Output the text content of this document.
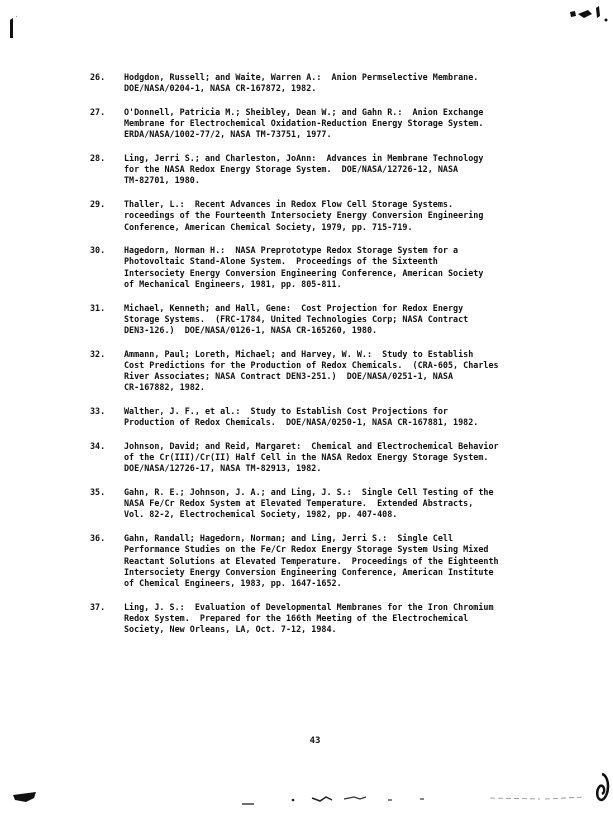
26. Hodgdon, Russell; and Waite, Warren A.:  Anion Permselective Membrane.
DOE/NASA/0204-1, NASA CR-167872, 1982.
27. O'Donnell, Patricia M.; Sheibley, Dean W.; and Gahn R.:  Anion Exchange
Membrane for Electrochemical Oxidation-Reduction Energy Storage System.
ERDA/NASA/1002-77/2, NASA TM-73751, 1977.
28. Ling, Jerri S.; and Charleston, JoAnn:  Advances in Membrane Technology
for the NASA Redox Energy Storage System.  DOE/NASA/12726-12, NASA
TM-82701, 1980.
29. Thaller, L.:  Recent Advances in Redox Flow Cell Storage Systems.
roceedings of the Fourteenth Intersociety Energy Conversion Engineering
Conference, American Chemical Society, 1979, pp. 715-719.
30. Hagedorn, Norman H.:  NASA Preprototype Redox Storage System for a
Photovoltaic Stand-Alone System.  Proceedings of the Sixteenth
Intersociety Energy Conversion Engineering Conference, American Society
of Mechanical Engineers, 1981, pp. 805-811.
31. Michael, Kenneth; and Hall, Gene:  Cost Projection for Redox Energy
Storage Systems.  (FRC-1784, United Technologies Corp; NASA Contract
DEN3-126.)  DOE/NASA/0126-1, NASA CR-165260, 1980.
32. Ammann, Paul; Loreth, Michael; and Harvey, W. W.:  Study to Establish
Cost Predictions for the Production of Redox Chemicals.  (CRA-605, Charles
River Associates; NASA Contract DEN3-251.)  DOE/NASA/0251-1, NASA
CR-167882, 1982.
33. Walther, J. F., et al.:  Study to Establish Cost Projections for
Production of Redox Chemicals.  DOE/NASA/0250-1, NASA CR-167881, 1982.
34. Johnson, David; and Reid, Margaret:  Chemical and Electrochemical Behavior
of the Cr(III)/Cr(II) Half Cell in the NASA Redox Energy Storage System.
DOE/NASA/12726-17, NASA TM-82913, 1982.
35. Gahn, R. E.; Johnson, J. A.; and Ling, J. S.:  Single Cell Testing of the
NASA Fe/Cr Redox System at Elevated Temperature.  Extended Abstracts,
Vol. 82-2, Electrochemical Society, 1982, pp. 407-408.
36. Gahn, Randall; Hagedorn, Norman; and Ling, Jerri S.:  Single Cell
Performance Studies on the Fe/Cr Redox Energy Storage System Using Mixed
Reactant Solutions at Elevated Temperature.  Proceedings of the Eighteenth
Intersociety Energy Conversion Engineering Conference, American Institute
of Chemical Engineers, 1983, pp. 1647-1652.
37. Ling, J. S.:  Evaluation of Developmental Membranes for the Iron Chromium
Redox System.  Prepared for the 166th Meeting of the Electrochemical
Society, New Orleans, LA, Oct. 7-12, 1984.
43
